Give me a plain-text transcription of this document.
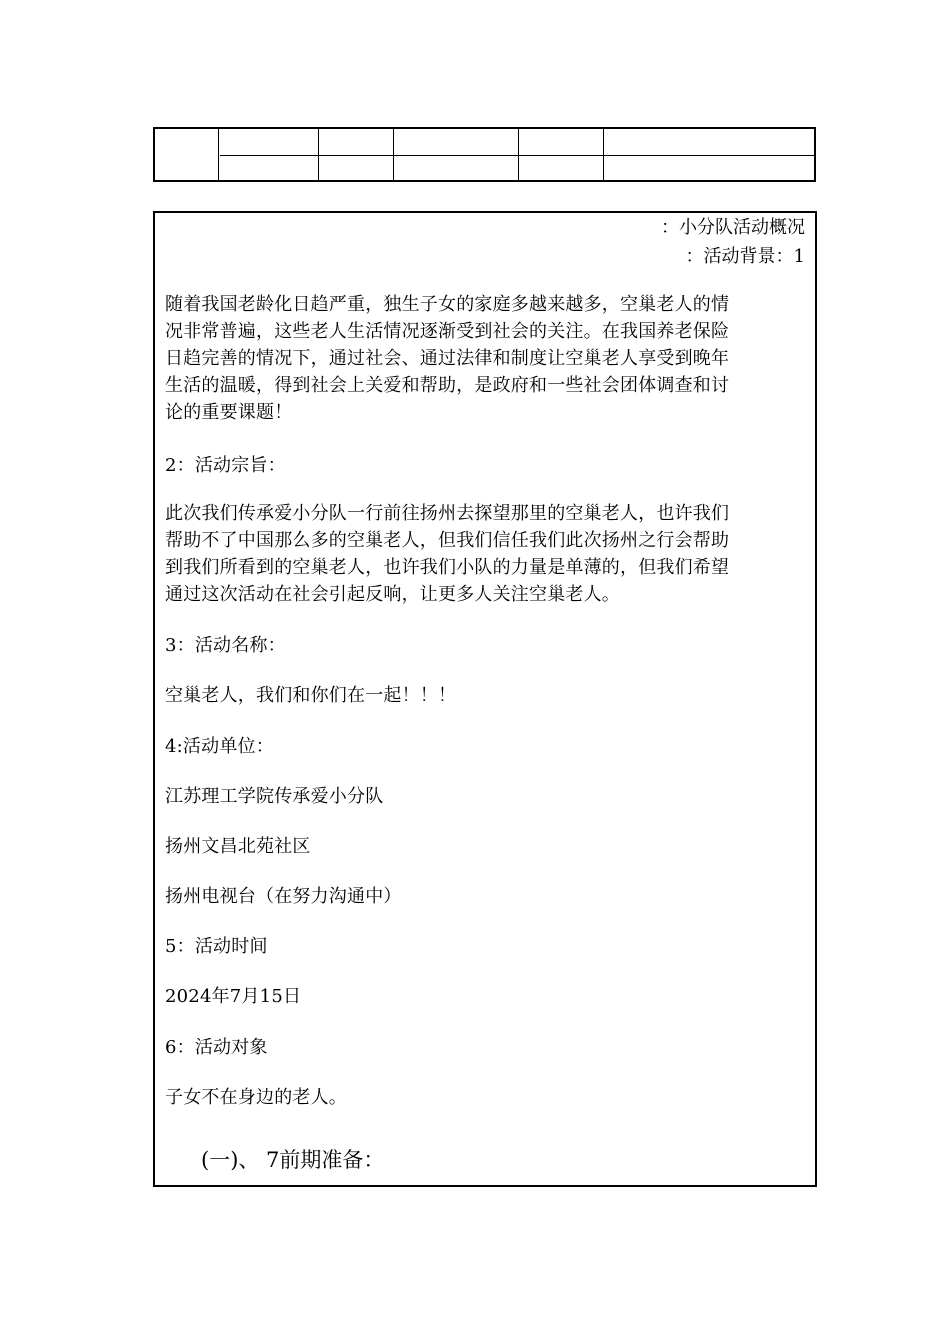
：小分队活动概况
：活动背景：1
随着我国老龄化日趋严重，独生子女的家庭多越来越多，空巢老人的情
况非常普遍，这些老人生活情况逐渐受到社会的关注。在我国养老保险
日趋完善的情况下，通过社会、通过法律和制度让空巢老人享受到晚年
生活的温暖，得到社会上关爱和帮助，是政府和一些社会团体调查和讨
论的重要课题！
2：活动宗旨：
此次我们传承爱小分队一行前往扬州去探望那里的空巢老人，也许我们
帮助不了中国那么多的空巢老人，但我们信任我们此次扬州之行会帮助
到我们所看到的空巢老人，也许我们小队的力量是单薄的，但我们希望
通过这次活动在社会引起反响，让更多人关注空巢老人。
3：活动名称：
空巢老人，我们和你们在一起！！！
4:活动单位：
江苏理工学院传承爱小分队
扬州文昌北苑社区
扬州电视台（在努力沟通中）
5：活动时间
2024年7月15日
6：活动对象
子女不在身边的老人。
(一)、 7前期准备：
